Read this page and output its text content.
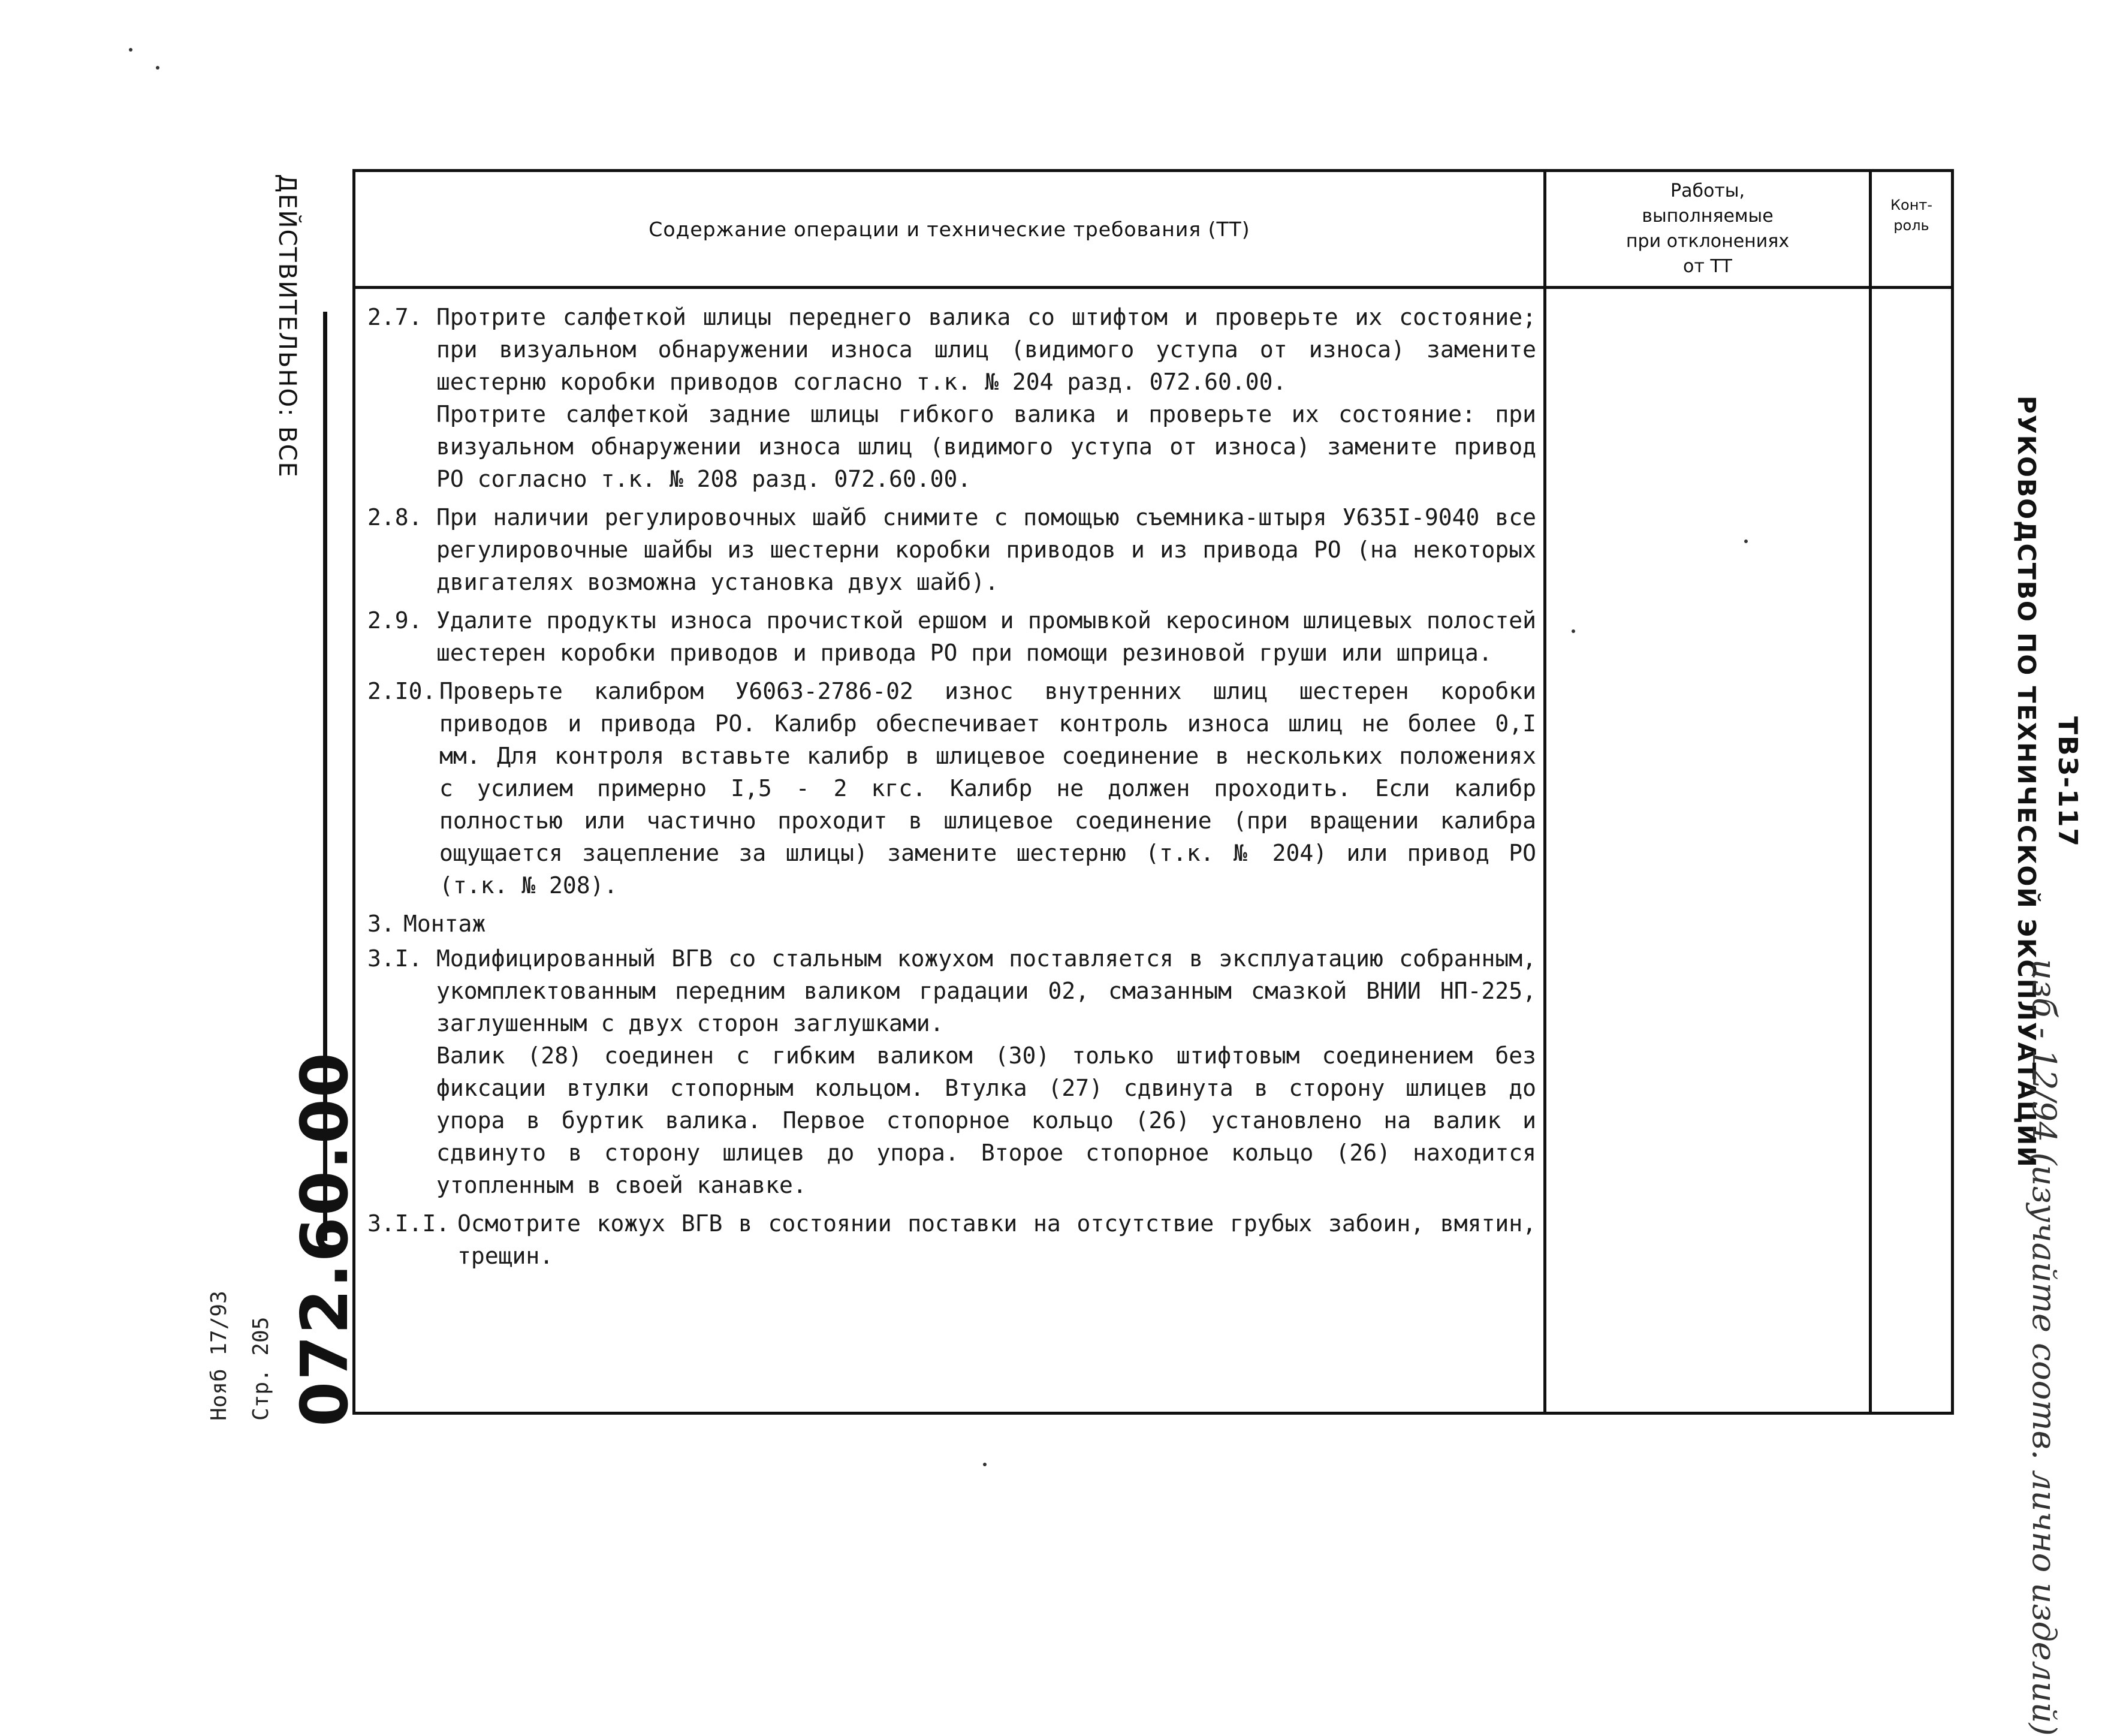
ДЕЙСТВИТЕЛЬНО: ВСЕ
072.60.00
Стр. 205
Нояб 17/93
РУКОВОДСТВО ПО ТЕХНИЧЕСКОЙ ЭКСПЛУАТАЦИИ ТВЗ-117
изб - 12/94 (изучайте соотв. лично изделий)
Содержание операции и технические требования (ТТ)
Работы,
выполняемые
при отклонениях
от ТТ
Конт-
роль
2.7. Протрите салфеткой шлицы переднего валика со штифтом и проверьте их состояние; при визуальном обнаружении износа шлиц (видимого уступа от износа) замените шестерню коробки приводов согласно т.к. № 204 разд. 072.60.00.

Протрите салфеткой задние шлицы гибкого валика и проверьте их состояние: при визуальном обнаружении износа шлиц (видимого уступа от износа) замените привод РО согласно т.к. № 208 разд. 072.60.00.

2.8. При наличии регулировочных шайб снимите с помощью съемника-штыря У635I-9040 все регулировочные шайбы из шестерни коробки приводов и из привода РО (на некоторых двигателях возможна установка двух шайб).

2.9. Удалите продукты износа прочисткой ершом и промывкой керосином шлицевых полостей шестерен коробки приводов и привода РО при помощи резиновой груши или шприца.

2.I0. Проверьте калибром У6063-2786-02 износ внутренних шлиц шестерен коробки приводов и привода РО. Калибр обеспечивает контроль износа шлиц не более 0,I мм. Для контроля вставьте калибр в шлицевое соединение в нескольких положениях с усилием примерно I,5 - 2 кгс. Калибр не должен проходить. Если калибр полностью или частично проходит в шлицевое соединение (при вращении калибра ощущается зацепление за шлицы) замените шестерню (т.к. № 204) или привод РО (т.к. № 208).

3. Монтаж

3.I. Модифицированный ВГВ со стальным кожухом поставляется в эксплуатацию собранным, укомплектованным передним валиком градации 02, смазанным смазкой ВНИИ НП-225, заглушенным с двух сторон заглушками.

Валик (28) соединен с гибким валиком (30) только штифтовым соединением без фиксации втулки стопорным кольцом. Втулка (27) сдвинута в сторону шлицев до упора в буртик валика. Первое стопорное кольцо (26) установлено на валик и сдвинуто в сторону шлицев до упора. Второе стопорное кольцо (26) находится утопленным в своей канавке.

3.I.I. Осмотрите кожух ВГВ в состоянии поставки на отсутствие грубых забоин, вмятин, трещин.
